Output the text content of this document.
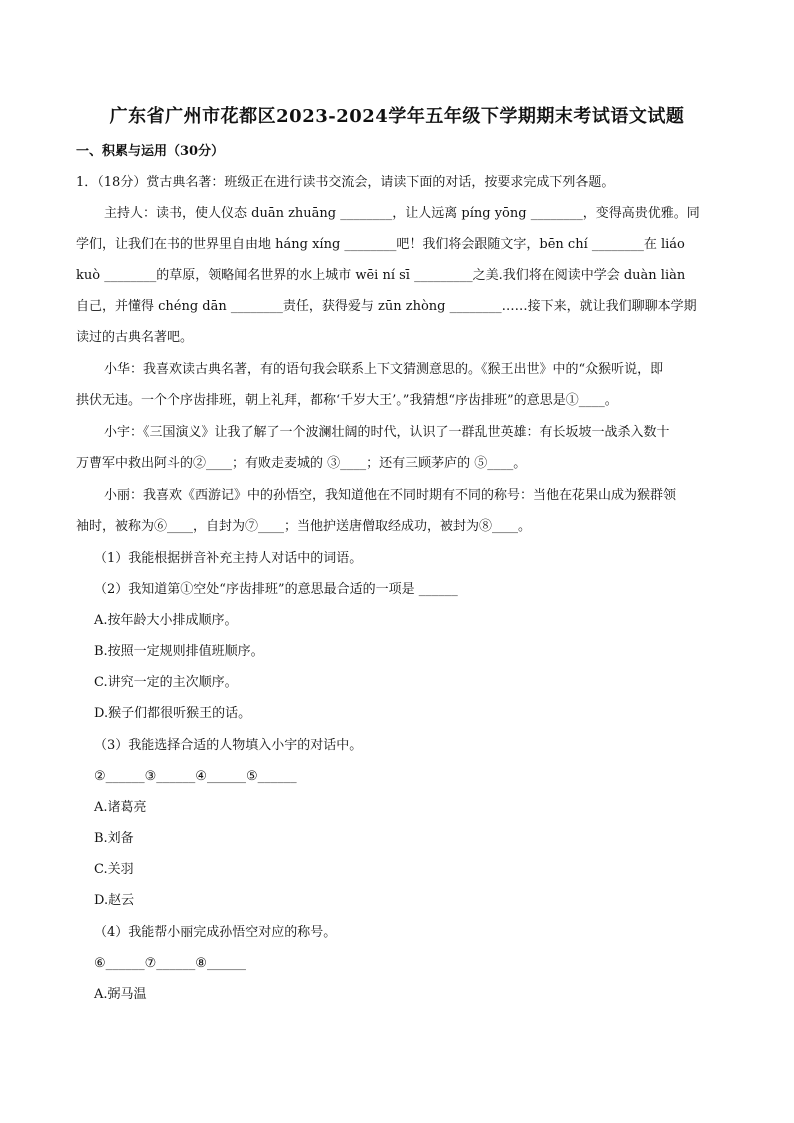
广东省广州市花都区2023-2024学年五年级下学期期末考试语文试题
一、积累与运用（30分）
1．（18分）赏古典名著：班级正在进行读书交流会，请读下面的对话，按要求完成下列各题。
主持人：读书，使人仪态 duān zhuāng ________，让人远离 píng yōng ________，变得高贵优雅。同
学们，让我们在书的世界里自由地 háng xíng ________吧！我们将会跟随文字，bēn chí ________在 liáo
kuò ________的草原，领略闻名世界的水上城市 wēi ní sī _________之美.我们将在阅读中学会 duàn liàn
自己，并懂得 chéng dān ________责任，获得爱与 zūn zhòng ________……接下来，就让我们聊聊本学期
读过的古典名著吧。
小华：我喜欢读古典名著，有的语句我会联系上下文猜测意思的。《猴王出世》中的“众猴听说，即
拱伏无违。一个个序齿排班，朝上礼拜，都称‘千岁大王’。”我猜想“序齿排班”的意思是①____。
小宇：《三国演义》让我了解了一个波澜壮阔的时代，认识了一群乱世英雄：有长坂坡一战杀入数十
万曹军中救出阿斗的②____；有败走麦城的 ③____；还有三顾茅庐的 ⑤____。
小丽：我喜欢《西游记》中的孙悟空，我知道他在不同时期有不同的称号：当他在花果山成为猴群领
袖时，被称为⑥____，自封为⑦____；当他护送唐僧取经成功，被封为⑧____。
（1）我能根据拼音补充主持人对话中的词语。
（2）我知道第①空处“序齿排班”的意思最合适的一项是 ______
A.按年龄大小排成顺序。
B.按照一定规则排值班顺序。
C.讲究一定的主次顺序。
D.猴子们都很听猴王的话。
（3）我能选择合适的人物填入小宇的对话中。
②______③______④______⑤______
A.诸葛亮
B.刘备
C.关羽
D.赵云
（4）我能帮小丽完成孙悟空对应的称号。
⑥______⑦______⑧______
A.弼马温
